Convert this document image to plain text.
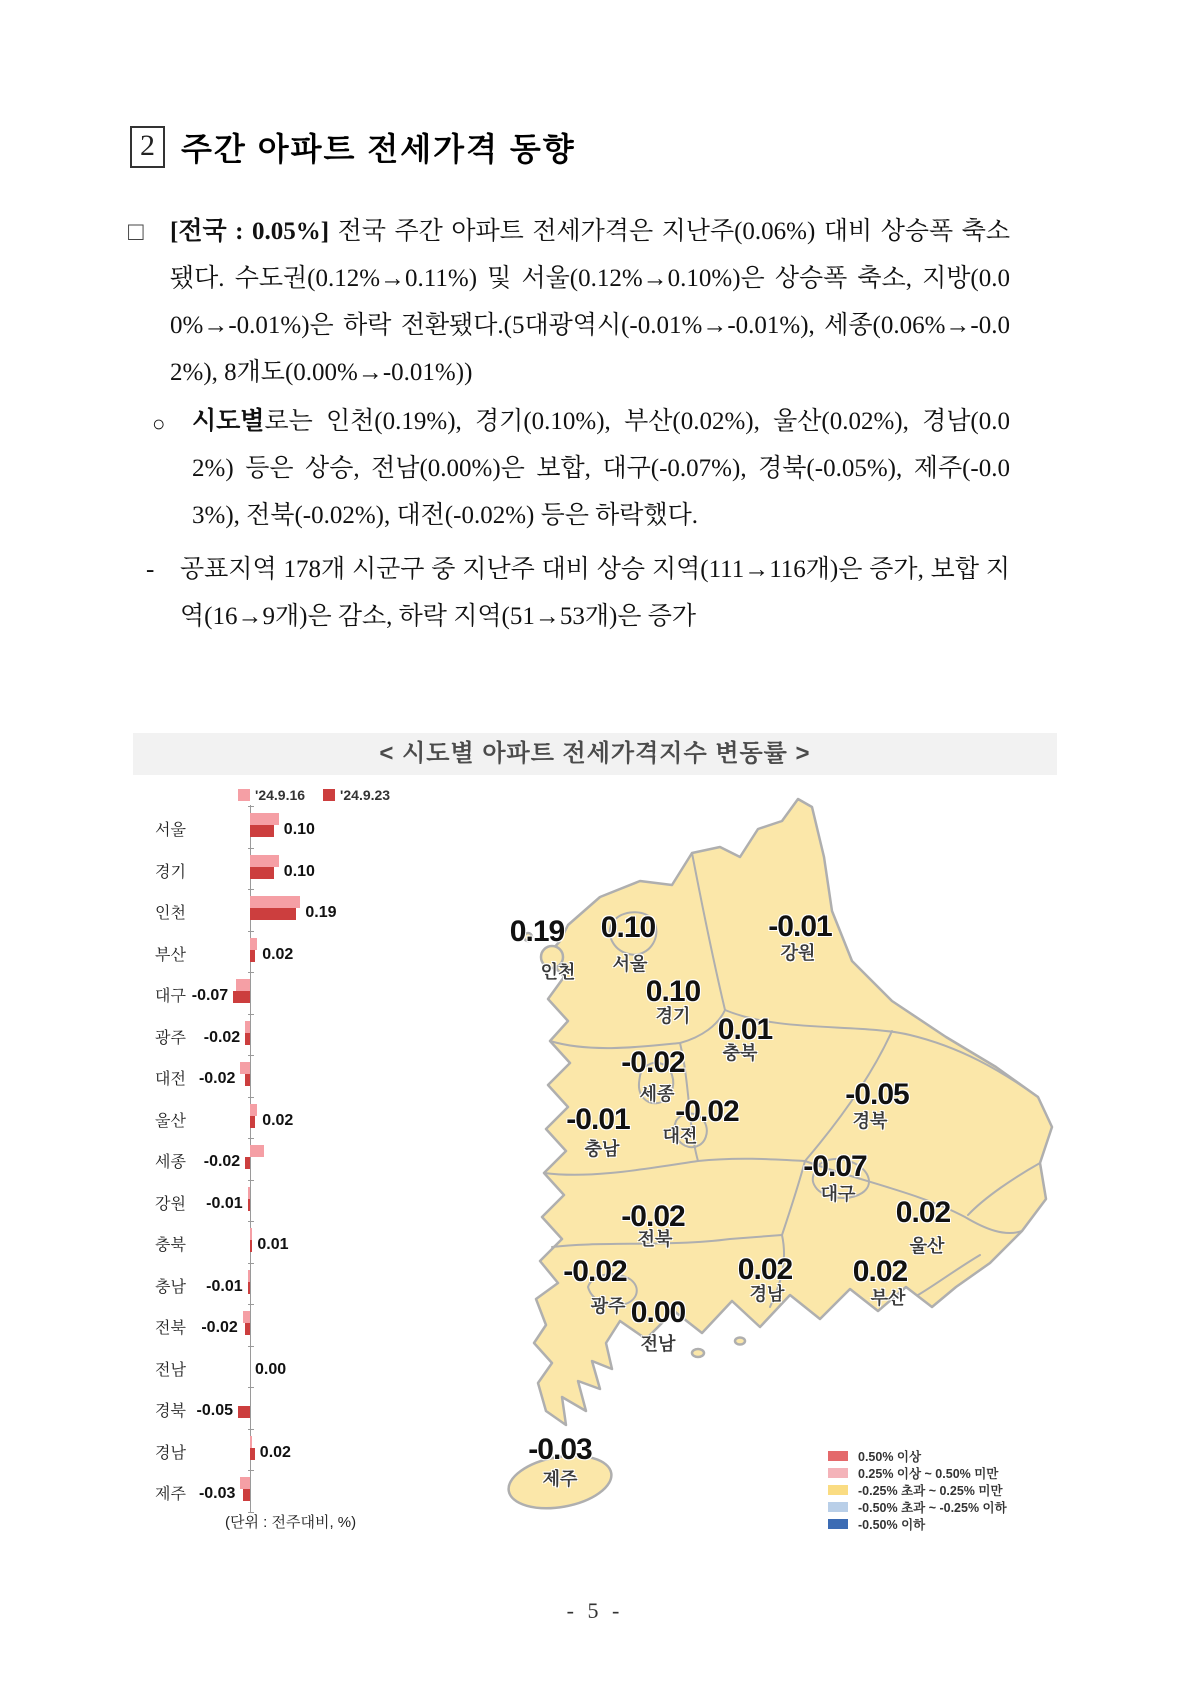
2 주간 아파트 전세가격 동향
□ [전국 : 0.05%] 전국 주간 아파트 전세가격은 지난주(0.06%) 대비 상승폭 축소됐다. 수도권(0.12%→0.11%) 및 서울(0.12%→0.10%)은 상승폭 축소, 지방(0.00%→-0.01%)은 하락 전환됐다.(5대광역시(-0.01%→-0.01%), 세종(0.06%→-0.02%), 8개도(0.00%→-0.01%))
○ 시도별로는 인천(0.19%), 경기(0.10%), 부산(0.02%), 울산(0.02%), 경남(0.02%) 등은 상승, 전남(0.00%)은 보합, 대구(-0.07%), 경북(-0.05%), 제주(-0.03%), 전북(-0.02%), 대전(-0.02%) 등은 하락했다.
- 공표지역 178개 시군구 중 지난주 대비 상승 지역(111→116개)은 증가, 보합 지역(16→9개)은 감소, 하락 지역(51→53개)은 증가
< 시도별 아파트 전세가격지수 변동률 >
'24.9.16	'24.9.23
서울	0.10
경기	0.10
인천	0.19
부산	0.02
대구 -0.07
광주 -0.02
대전 -0.02
울산	0.02
세종 -0.02
강원 -0.01
충북	0.01
충남 -0.01
전북 -0.02
전남	0.00
경북 -0.05
경남	0.02
제주 -0.03
(단위 : 전주대비, %)
0.19
인천
0.10
서울
-0.01
강원
0.10
경기 0.01
충북
-0.02
세종
-0.01
충남
-0.02
대전
-0.05
경북
-0.07
대구
0.02
울산
-0.02
전북
0.02
경남
0.02
부산
-0.02
광주 0.00
전남
-0.03
제주
0.50% 이상
0.25% 이상 ~ 0.50% 미만
-0.25% 초과 ~ 0.25% 미만
-0.50% 초과 ~ -0.25% 이하
-0.50% 이하
- 5 -
